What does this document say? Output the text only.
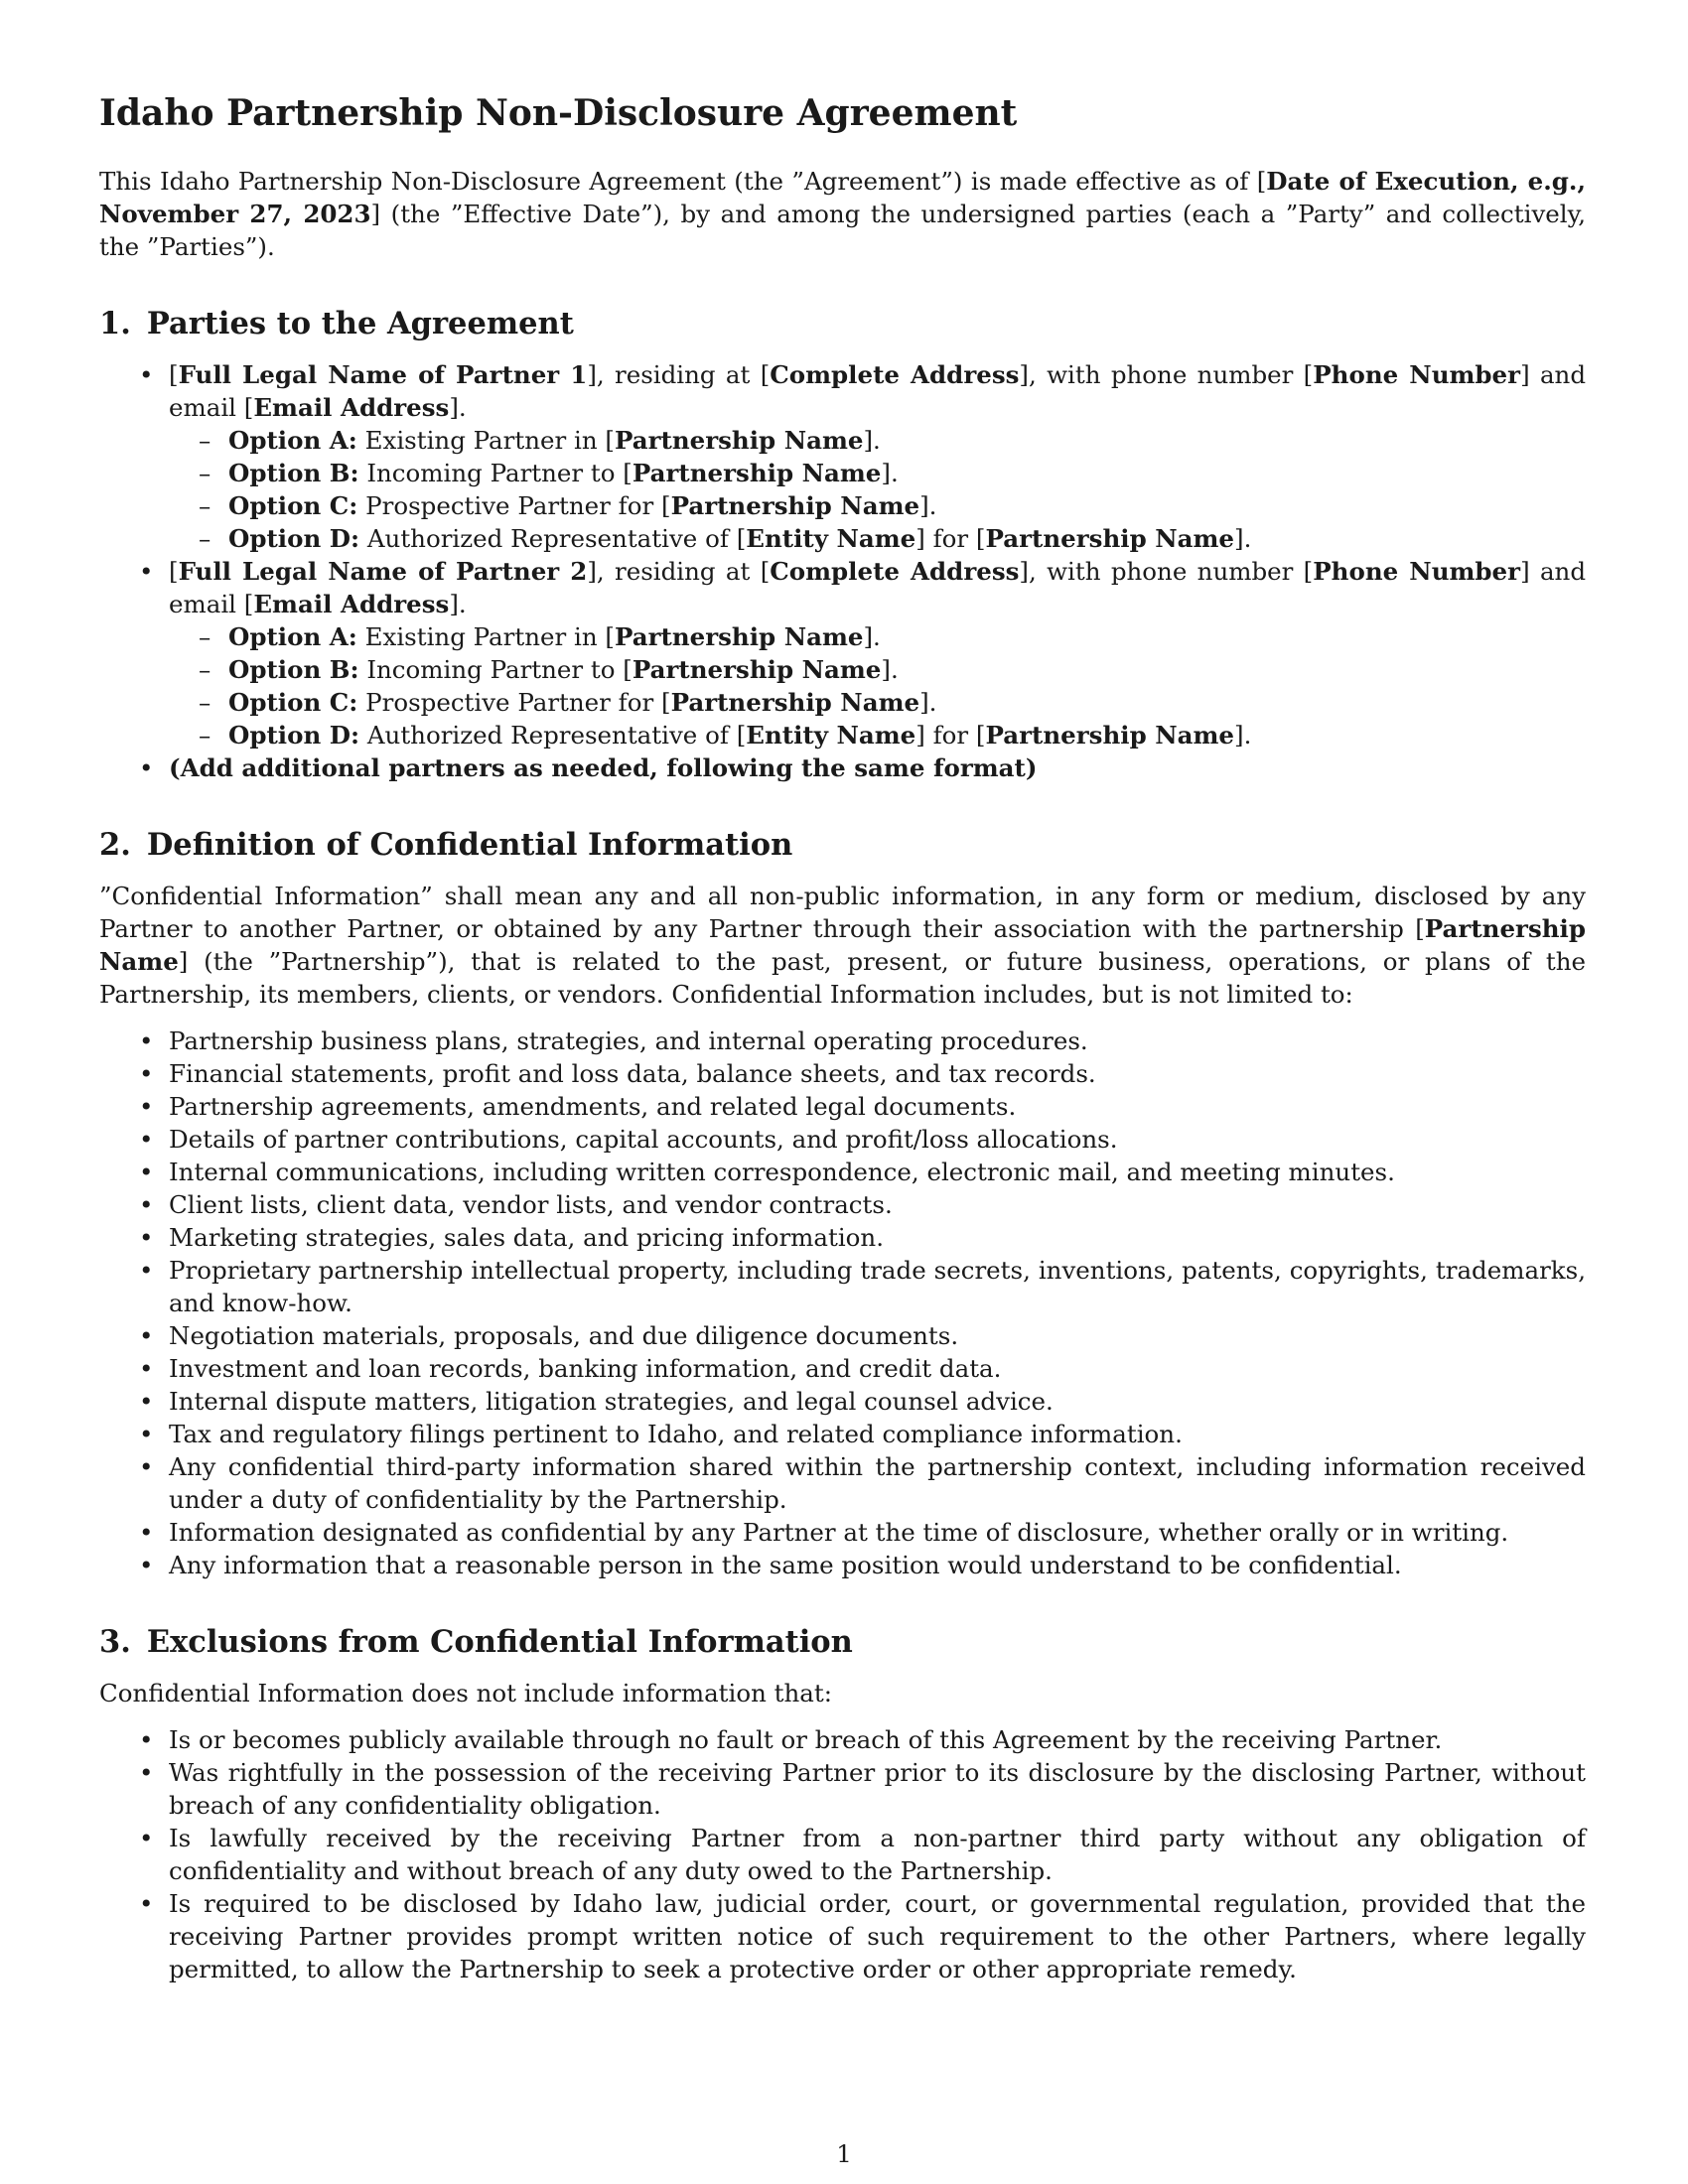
Idaho Partnership Non-Disclosure Agreement

This Idaho Partnership Non-Disclosure Agreement (the ”Agreement”) is made effective as of [Date of Execution, e.g., November 27, 2023] (the ”Effective Date”), by and among the undersigned parties (each a ”Party” and collectively, the ”Parties”).

1. Parties to the Agreement
• [Full Legal Name of Partner 1], residing at [Complete Address], with phone number [Phone Number] and email [Email Address].
– Option A: Existing Partner in [Partnership Name].
– Option B: Incoming Partner to [Partnership Name].
– Option C: Prospective Partner for [Partnership Name].
– Option D: Authorized Representative of [Entity Name] for [Partnership Name].
• [Full Legal Name of Partner 2], residing at [Complete Address], with phone number [Phone Number] and email [Email Address].
– Option A: Existing Partner in [Partnership Name].
– Option B: Incoming Partner to [Partnership Name].
– Option C: Prospective Partner for [Partnership Name].
– Option D: Authorized Representative of [Entity Name] for [Partnership Name].
• (Add additional partners as needed, following the same format)
2. Definition of Confidential Information

”Confidential Information” shall mean any and all non-public information, in any form or medium, disclosed by any Partner to another Partner, or obtained by any Partner through their association with the partnership [Partnership Name] (the ”Partnership”), that is related to the past, present, or future business, operations, or plans of the Partnership, its members, clients, or vendors. Confidential Information includes, but is not limited to:

• Partnership business plans, strategies, and internal operating procedures.
• Financial statements, profit and loss data, balance sheets, and tax records.
• Partnership agreements, amendments, and related legal documents.
• Details of partner contributions, capital accounts, and profit/loss allocations.
• Internal communications, including written correspondence, electronic mail, and meeting minutes.
• Client lists, client data, vendor lists, and vendor contracts.
• Marketing strategies, sales data, and pricing information.
• Proprietary partnership intellectual property, including trade secrets, inventions, patents, copyrights, trademarks, and know-how.
• Negotiation materials, proposals, and due diligence documents.
• Investment and loan records, banking information, and credit data.
• Internal dispute matters, litigation strategies, and legal counsel advice.
• Tax and regulatory filings pertinent to Idaho, and related compliance information.
• Any confidential third-party information shared within the partnership context, including information received under a duty of confidentiality by the Partnership.
• Information designated as confidential by any Partner at the time of disclosure, whether orally or in writing.
• Any information that a reasonable person in the same position would understand to be confidential.
3. Exclusions from Confidential Information

Confidential Information does not include information that:

• Is or becomes publicly available through no fault or breach of this Agreement by the receiving Partner.
• Was rightfully in the possession of the receiving Partner prior to its disclosure by the disclosing Partner, without breach of any confidentiality obligation.
• Is lawfully received by the receiving Partner from a non-partner third party without any obligation of confidentiality and without breach of any duty owed to the Partnership.
• Is required to be disclosed by Idaho law, judicial order, court, or governmental regulation, provided that the receiving Partner provides prompt written notice of such requirement to the other Partners, where legally permitted, to allow the Partnership to seek a protective order or other appropriate remedy.
1
